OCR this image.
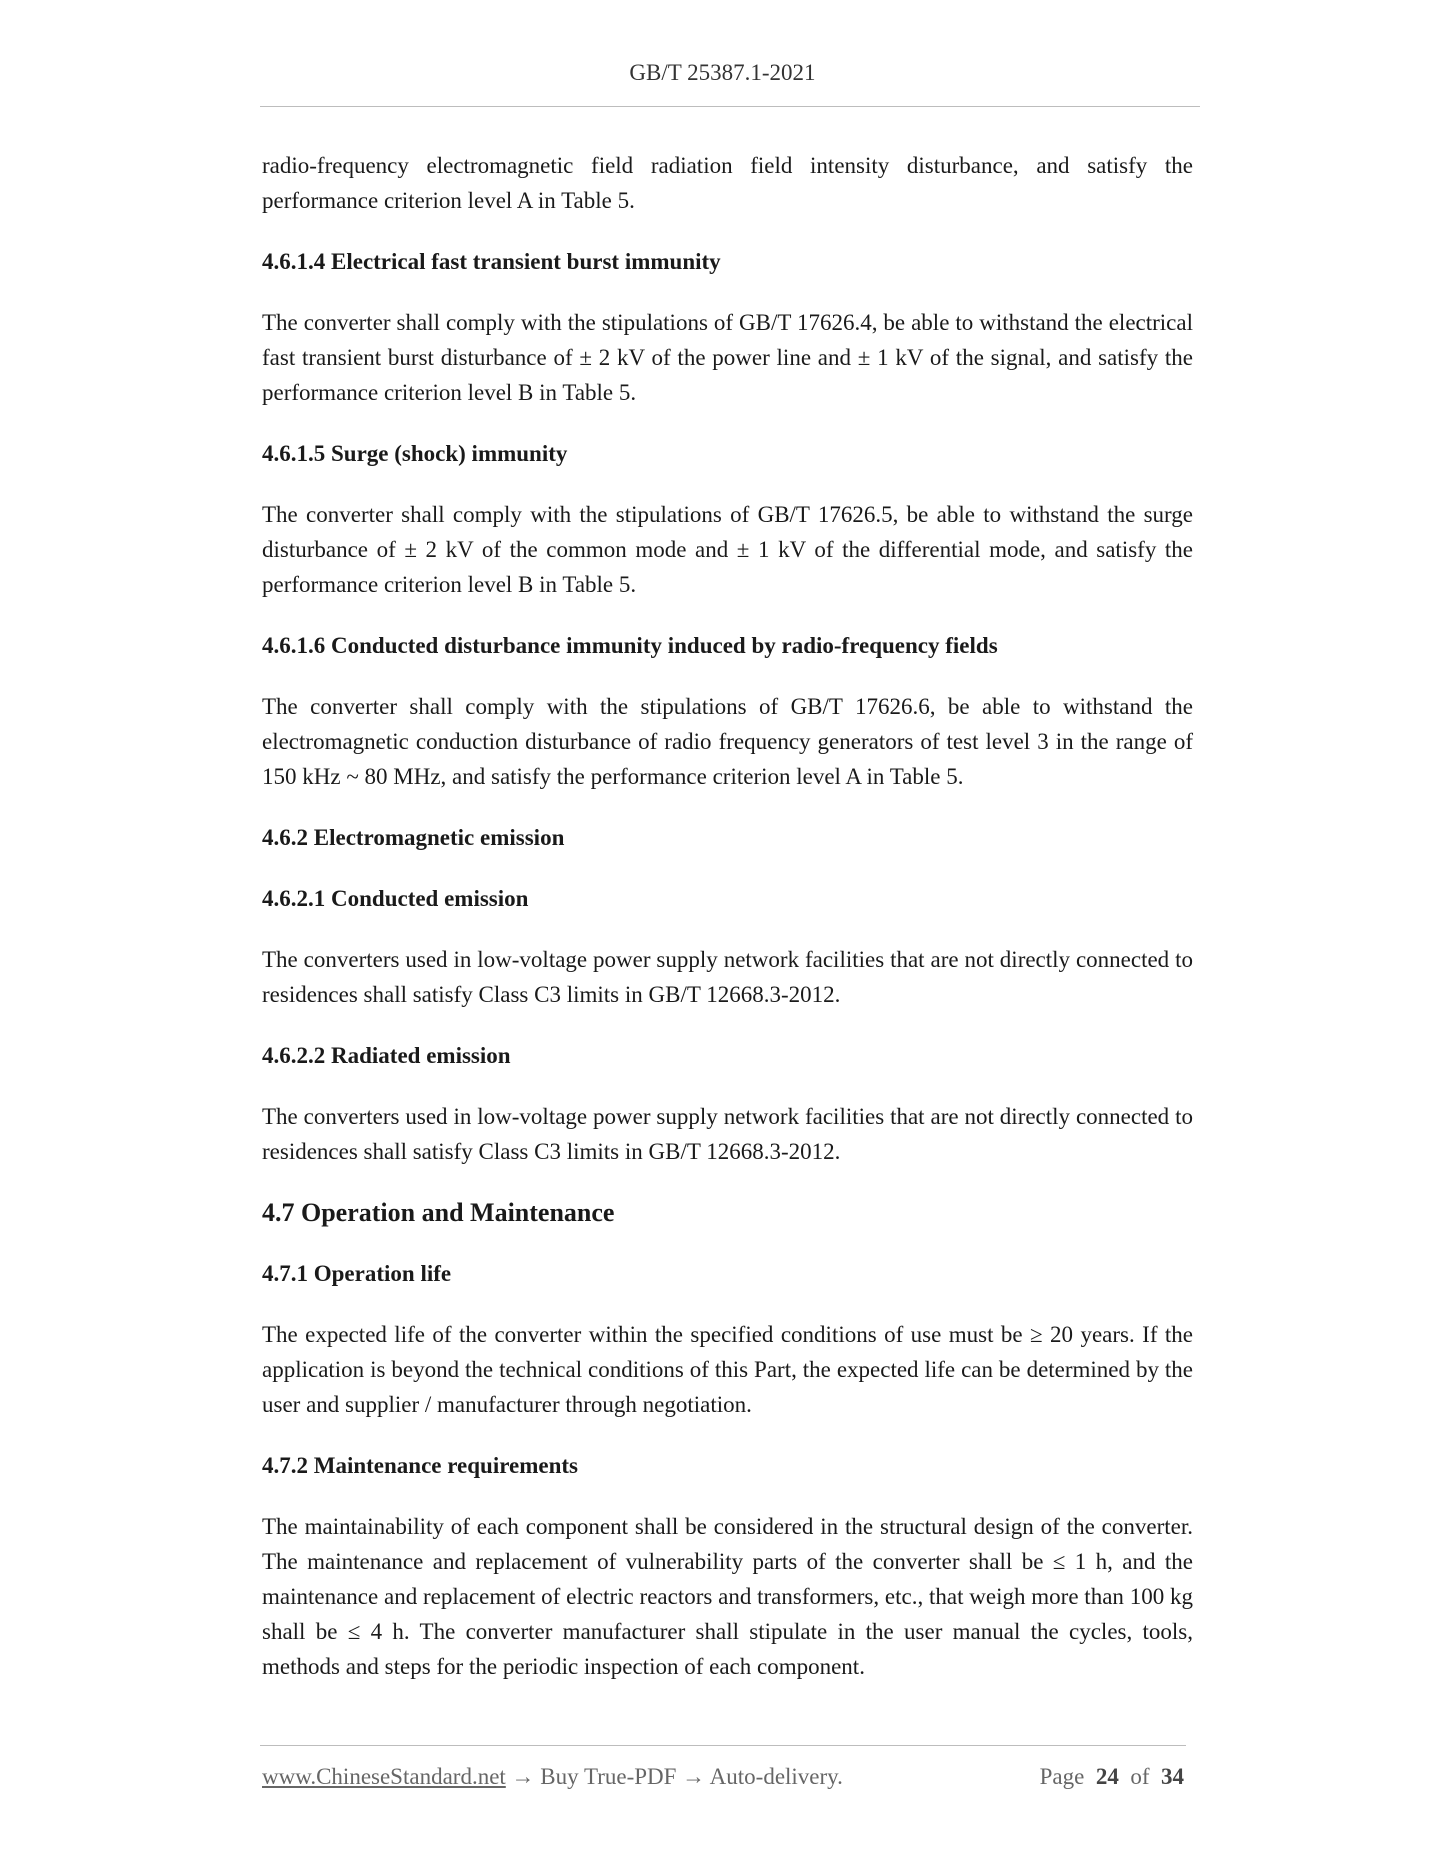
GB/T 25387.1-2021

radio-frequency electromagnetic field radiation field intensity disturbance, and satisfy the performance criterion level A in Table 5.

4.6.1.4 Electrical fast transient burst immunity

The converter shall comply with the stipulations of GB/T 17626.4, be able to withstand the electrical fast transient burst disturbance of ± 2 kV of the power line and ± 1 kV of the signal, and satisfy the performance criterion level B in Table 5.

4.6.1.5 Surge (shock) immunity

The converter shall comply with the stipulations of GB/T 17626.5, be able to withstand the surge disturbance of ± 2 kV of the common mode and ± 1 kV of the differential mode, and satisfy the performance criterion level B in Table 5.

4.6.1.6 Conducted disturbance immunity induced by radio-frequency fields

The converter shall comply with the stipulations of GB/T 17626.6, be able to withstand the electromagnetic conduction disturbance of radio frequency generators of test level 3 in the range of 150 kHz ~ 80 MHz, and satisfy the performance criterion level A in Table 5.

4.6.2 Electromagnetic emission
4.6.2.1 Conducted emission

The converters used in low-voltage power supply network facilities that are not directly connected to residences shall satisfy Class C3 limits in GB/T 12668.3-2012.

4.6.2.2 Radiated emission

The converters used in low-voltage power supply network facilities that are not directly connected to residences shall satisfy Class C3 limits in GB/T 12668.3-2012.

4.7 Operation and Maintenance
4.7.1 Operation life

The expected life of the converter within the specified conditions of use must be ≥ 20 years. If the application is beyond the technical conditions of this Part, the expected life can be determined by the user and supplier / manufacturer through negotiation.

4.7.2 Maintenance requirements

The maintainability of each component shall be considered in the structural design of the converter. The maintenance and replacement of vulnerability parts of the converter shall be ≤ 1 h, and the maintenance and replacement of electric reactors and transformers, etc., that weigh more than 100 kg shall be ≤ 4 h. The converter manufacturer shall stipulate in the user manual the cycles, tools, methods and steps for the periodic inspection of each component.

www.ChineseStandard.net → Buy True-PDF → Auto-delivery.	Page 24 of 34
